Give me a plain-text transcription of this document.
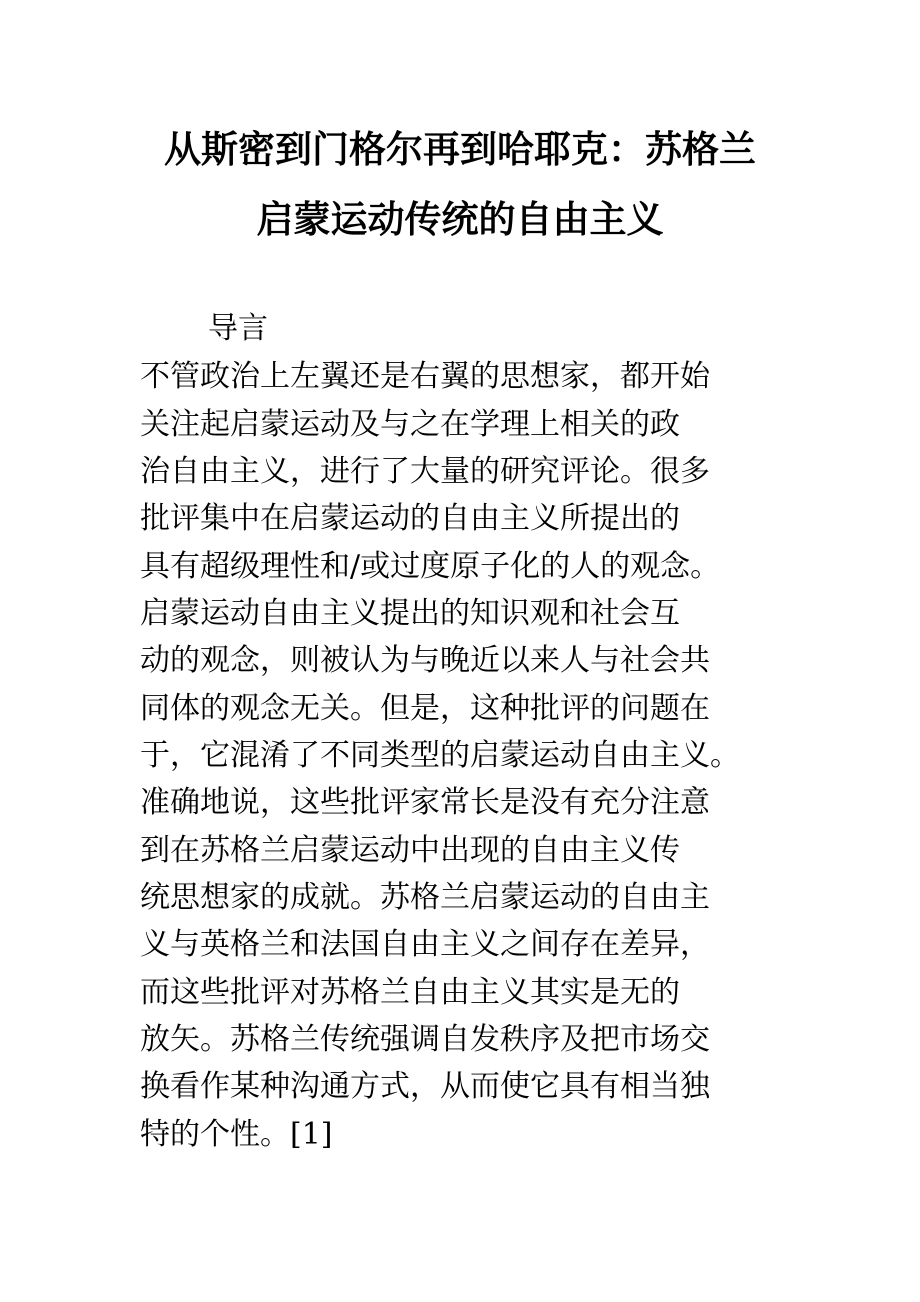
从斯密到门格尔再到哈耶克：苏格兰
启蒙运动传统的自由主义
导言
不管政治上左翼还是右翼的思想家，都开始
关注起启蒙运动及与之在学理上相关的政
治自由主义，进行了大量的研究评论。很多
批评集中在启蒙运动的自由主义所提出的
具有超级理性和/或过度原子化的人的观念。
启蒙运动自由主义提出的知识观和社会互
动的观念，则被认为与晚近以来人与社会共
同体的观念无关。但是，这种批评的问题在
于，它混淆了不同类型的启蒙运动自由主义。
准确地说，这些批评家常长是没有充分注意
到在苏格兰启蒙运动中出现的自由主义传
统思想家的成就。苏格兰启蒙运动的自由主
义与英格兰和法国自由主义之间存在差异，
而这些批评对苏格兰自由主义其实是无的
放矢。苏格兰传统强调自发秩序及把市场交
换看作某种沟通方式，从而使它具有相当独
特的个性。[1]
